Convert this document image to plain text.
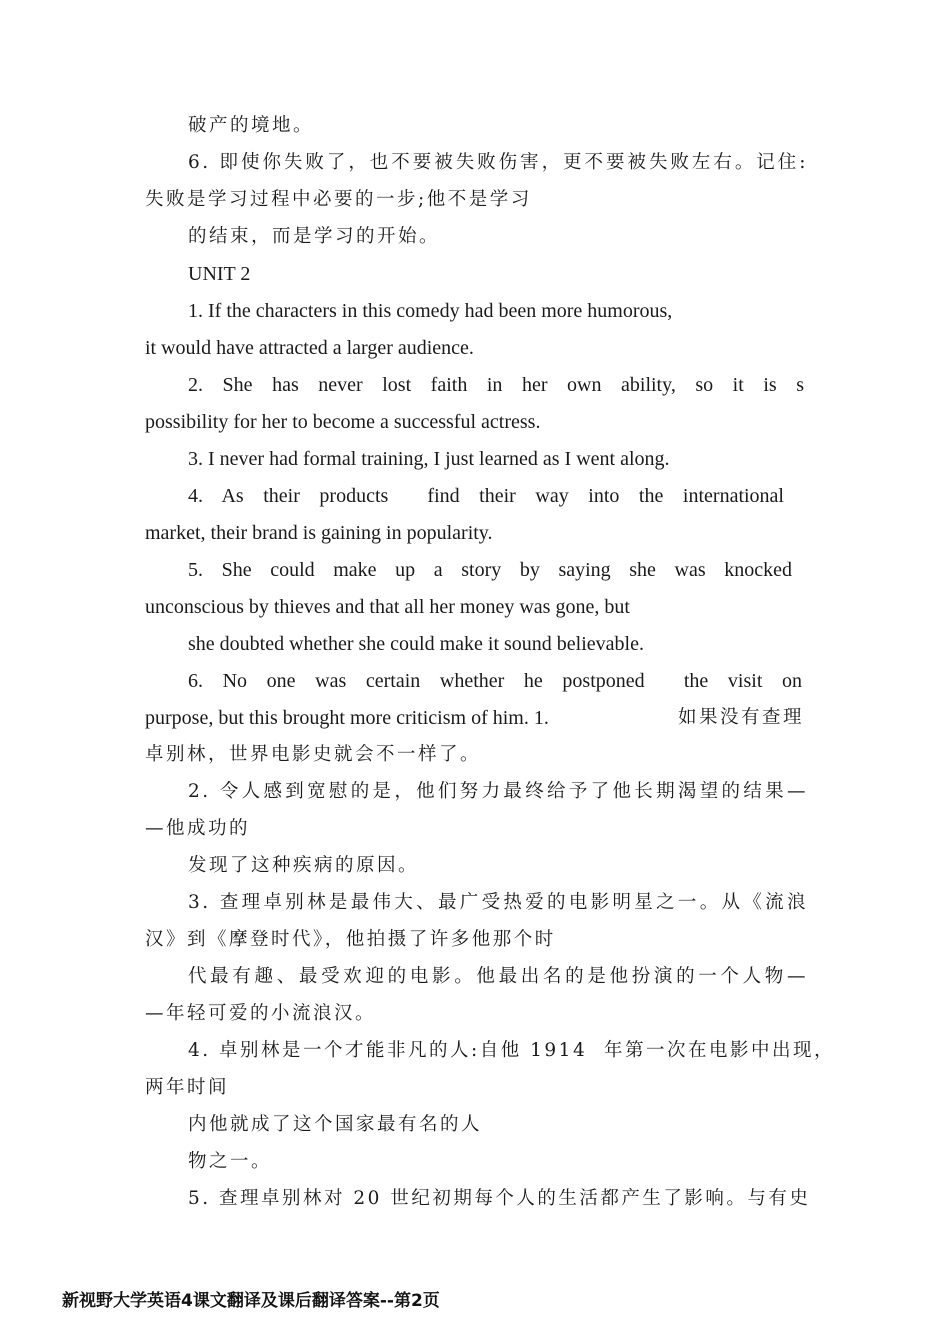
破产的境地。
6. 即使你失败了，也不要被失败伤害，更不要被失败左右。记住:
失败是学习过程中必要的一步;他不是学习
的结束，而是学习的开始。
UNIT 2
1. If the characters in this comedy had been more humorous,
it would have attracted a larger audience.
2. She has never lost faith in her own ability, so it is s
possibility for her to become a successful actress.
3. I never had formal training, I just learned as I went along.
4. As their products  find their way into the international
market, their brand is gaining in popularity.
5. She could make up a story by saying she was knocked
unconscious by thieves and that all her money was gone, but
she doubted whether she could make it sound believable.
6. No one was certain whether he postponed  the visit on
purpose, but this brought more criticism of him. 1.	如果没有查理
卓别林，世界电影史就会不一样了。
2. 令人感到宽慰的是，他们努力最终给予了他长期渴望的结果—
—他成功的
发现了这种疾病的原因。
3. 查理卓别林是最伟大、最广受热爱的电影明星之一。从《流浪
汉》到《摩登时代》，他拍摄了许多他那个时
代最有趣、最受欢迎的电影。他最出名的是他扮演的一个人物—
—年轻可爱的小流浪汉。
4. 卓别林是一个才能非凡的人:自他 1914  年第一次在电影中出现，
两年时间
内他就成了这个国家最有名的人
物之一。
5. 查理卓别林对 20 世纪初期每个人的生活都产生了影响。与有史
新视野大学英语4课文翻译及课后翻译答案--第2页
